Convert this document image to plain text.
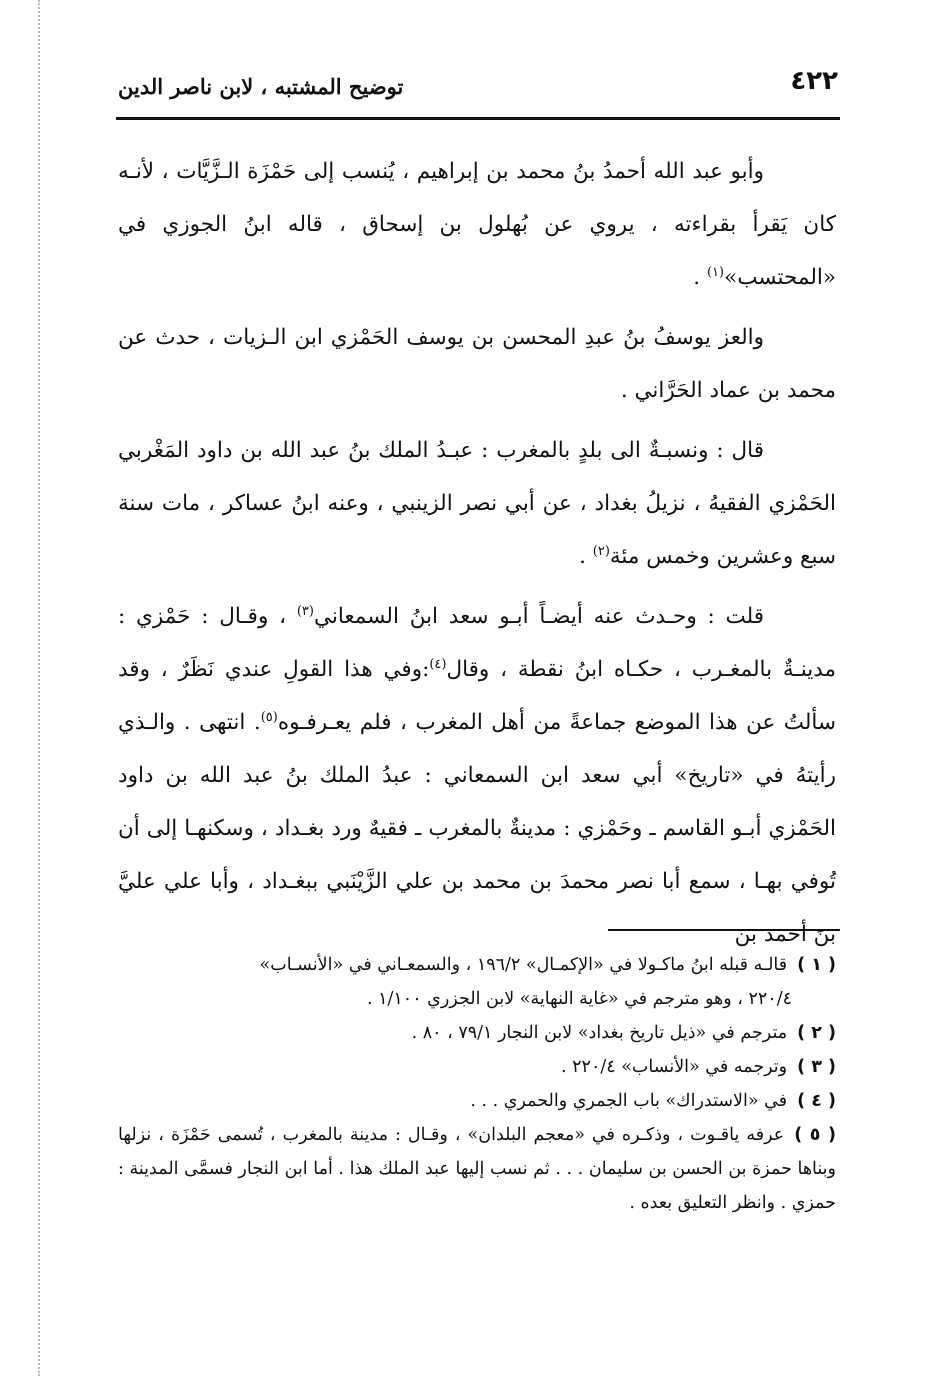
٤٢٢
توضيح المشتبه ، لابن ناصر الدين

وأبو عبد الله أحمدُ بنُ محمد بن إبراهيم ، يُنسب إلى حَمْزَة الـزَّيَّات ، لأنـه كان يَقرأ بقراءته ، يروي عن بُهلول بن إسحاق ، قاله ابنُ الجوزي في «المحتسب»$^{(١)}$ .

والعز يوسفُ بنُ عبدِ المحسن بن يوسف الحَمْزي ابن الـزيات ، حدث عن محمد بن عماد الحَرَّاني .

قال : ونسبـةٌ الى بلدٍ بالمغرب : عبـدُ الملك بنُ عبد الله بن داود المَغْربي الحَمْزي الفقيهُ ، نزيلُ بغداد ، عن أبي نصر الزينبي ، وعنه ابنُ عساكر ، مات سنة سبع وعشرين وخمس مئة$^{(٢)}$ .

قلت : وحـدث عنه أيضـاً أبـو سعد ابنُ السمعاني$^{(٣)}$ ، وقـال : حَمْزي : مدينـةٌ بالمغـرب ، حكـاه ابنُ نقطة ، وقال$^{(٤)}$:وفي هذا القولِ عندي نَظَرٌ ، وقد سألتُ عن هذا الموضع جماعةً من أهل المغرب ، فلم يعـرفـوه$^{(٥)}$. انتهى . والـذي رأيتهُ في «تاريخ» أبي سعد ابن السمعاني : عبدُ الملك بنُ عبد الله بن داود الحَمْزي أبـو القاسم ـ وحَمْزي : مدينةٌ بالمغرب ـ فقيهٌ ورد بغـداد ، وسكنهـا إلى أن تُوفي بهـا ، سمع أبا نصر محمدَ بن محمد بن علي الزَّيْنَبي ببغـداد ، وأبا علي عليَّ بنَ أحمد بن

( ١ )قالـه قبله ابنُ ماكـولا في «الإكمـال» ١٩٦/٢ ، والسمعـاني في «الأنسـاب»
٢٢٠/٤ ، وهو مترجم في «غاية النهاية» لابن الجزري ١/١٠٠ .
( ٢ )مترجم في «ذيل تاريخ بغداد» لابن النجار ٧٩/١ ، ٨٠ .
( ٣ )وترجمه في «الأنساب» ٢٢٠/٤ .
( ٤ )في «الاستدراك» باب الجمري والحمري . . .
( ٥ )عرفه ياقـوت ، وذكـره في «معجم البلدان» ، وقـال : مدينة بالمغرب ، تُسمى حَمْزَة ، نزلها وبناها حمزة بن الحسن بن سليمان . . . ثم نسب إليها عبد الملك هذا . أما ابن النجار فسمَّى المدينة : حمزي . وانظر التعليق بعده .
